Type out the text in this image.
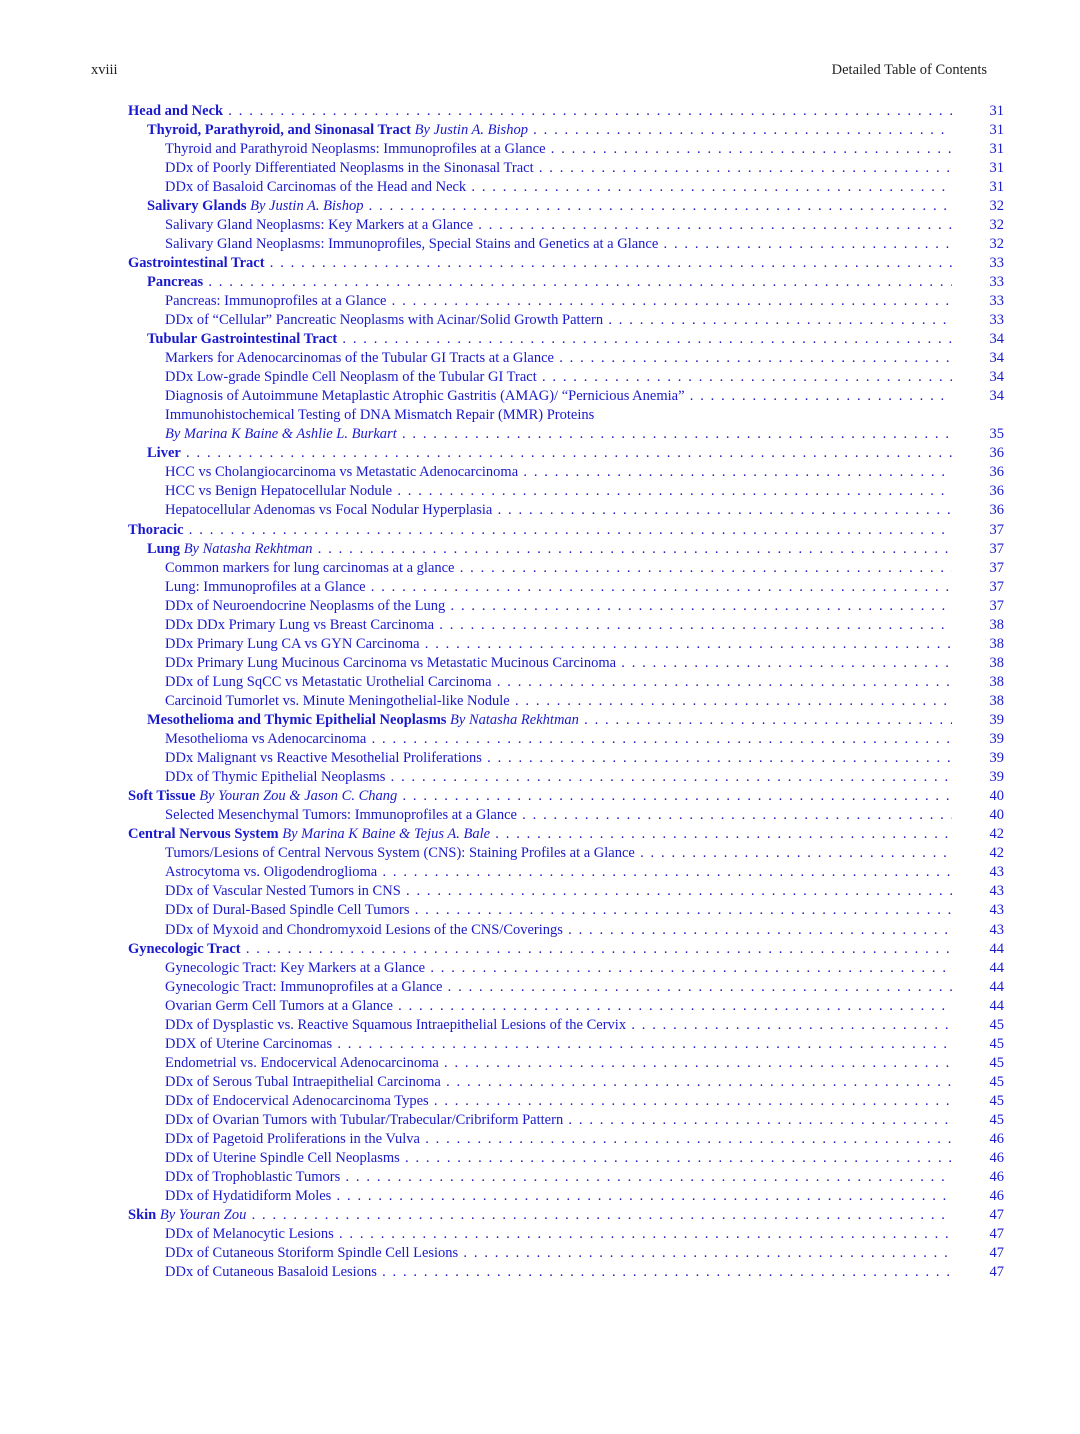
xviii	Detailed Table of Contents
Head and Neck . . .	31
Thyroid, Parathyroid, and Sinonasal Tract By Justin A. Bishop . . .	31
Thyroid and Parathyroid Neoplasms: Immunoprofiles at a Glance . . .	31
DDx of Poorly Differentiated Neoplasms in the Sinonasal Tract . . .	31
DDx of Basaloid Carcinomas of the Head and Neck . . .	31
Salivary Glands By Justin A. Bishop . . .	32
Salivary Gland Neoplasms: Key Markers at a Glance . . .	32
Salivary Gland Neoplasms: Immunoprofiles, Special Stains and Genetics at a Glance . . .	32
Gastrointestinal Tract . . .	33
Pancreas . . .	33
Pancreas: Immunoprofiles at a Glance . . .	33
DDx of “Cellular” Pancreatic Neoplasms with Acinar/Solid Growth Pattern . . .	33
Tubular Gastrointestinal Tract . . .	34
Markers for Adenocarcinomas of the Tubular GI Tracts at a Glance . . .	34
DDx Low-grade Spindle Cell Neoplasm of the Tubular GI Tract . . .	34
Diagnosis of Autoimmune Metaplastic Atrophic Gastritis (AMAG)/ “Pernicious Anemia” . . .	34
Immunohistochemical Testing of DNA Mismatch Repair (MMR) Proteins
By Marina K Baine & Ashlie L. Burkart . . .	35
Liver . . .	36
HCC vs Cholangiocarcinoma vs Metastatic Adenocarcinoma . . .	36
HCC vs Benign Hepatocellular Nodule . . .	36
Hepatocellular Adenomas vs Focal Nodular Hyperplasia . . .	36
Thoracic . . .	37
Lung By Natasha Rekhtman . . .	37
Common markers for lung carcinomas at a glance . . .	37
Lung: Immunoprofiles at a Glance . . .	37
DDx of Neuroendocrine Neoplasms of the Lung . . .	37
DDx DDx Primary Lung vs Breast Carcinoma . . .	38
DDx Primary Lung CA vs GYN Carcinoma . . .	38
DDx Primary Lung Mucinous Carcinoma vs Metastatic Mucinous Carcinoma . . .	38
DDx of Lung SqCC vs Metastatic Urothelial Carcinoma . . .	38
Carcinoid Tumorlet vs. Minute Meningothelial-like Nodule . . .	38
Mesothelioma and Thymic Epithelial Neoplasms By Natasha Rekhtman . . .	39
Mesothelioma vs Adenocarcinoma . . .	39
DDx Malignant vs Reactive Mesothelial Proliferations . . .	39
DDx of Thymic Epithelial Neoplasms . . .	39
Soft Tissue By Youran Zou & Jason C. Chang . . .	40
Selected Mesenchymal Tumors: Immunoprofiles at a Glance . . .	40
Central Nervous System By Marina K Baine & Tejus A. Bale . . .	42
Tumors/Lesions of Central Nervous System (CNS): Staining Profiles at a Glance . . .	42
Astrocytoma vs. Oligodendroglioma . . .	43
DDx of Vascular Nested Tumors in CNS . . .	43
DDx of Dural-Based Spindle Cell Tumors . . .	43
DDx of Myxoid and Chondromyxoid Lesions of the CNS/Coverings . . .	43
Gynecologic Tract . . .	44
Gynecologic Tract: Key Markers at a Glance . . .	44
Gynecologic Tract: Immunoprofiles at a Glance . . .	44
Ovarian Germ Cell Tumors at a Glance . . .	44
DDx of Dysplastic vs. Reactive Squamous Intraepithelial Lesions of the Cervix . . .	45
DDX of Uterine Carcinomas . . .	45
Endometrial vs. Endocervical Adenocarcinoma . . .	45
DDx of Serous Tubal Intraepithelial Carcinoma . . .	45
DDx of Endocervical Adenocarcinoma Types . . .	45
DDx of Ovarian Tumors with Tubular/Trabecular/Cribriform Pattern . . .	45
DDx of Pagetoid Proliferations in the Vulva . . .	46
DDx of Uterine Spindle Cell Neoplasms . . .	46
DDx of Trophoblastic Tumors . . .	46
DDx of Hydatidiform Moles . . .	46
Skin By Youran Zou . . .	47
DDx of Melanocytic Lesions . . .	47
DDx of Cutaneous Storiform Spindle Cell Lesions . . .	47
DDx of Cutaneous Basaloid Lesions . . .	47
